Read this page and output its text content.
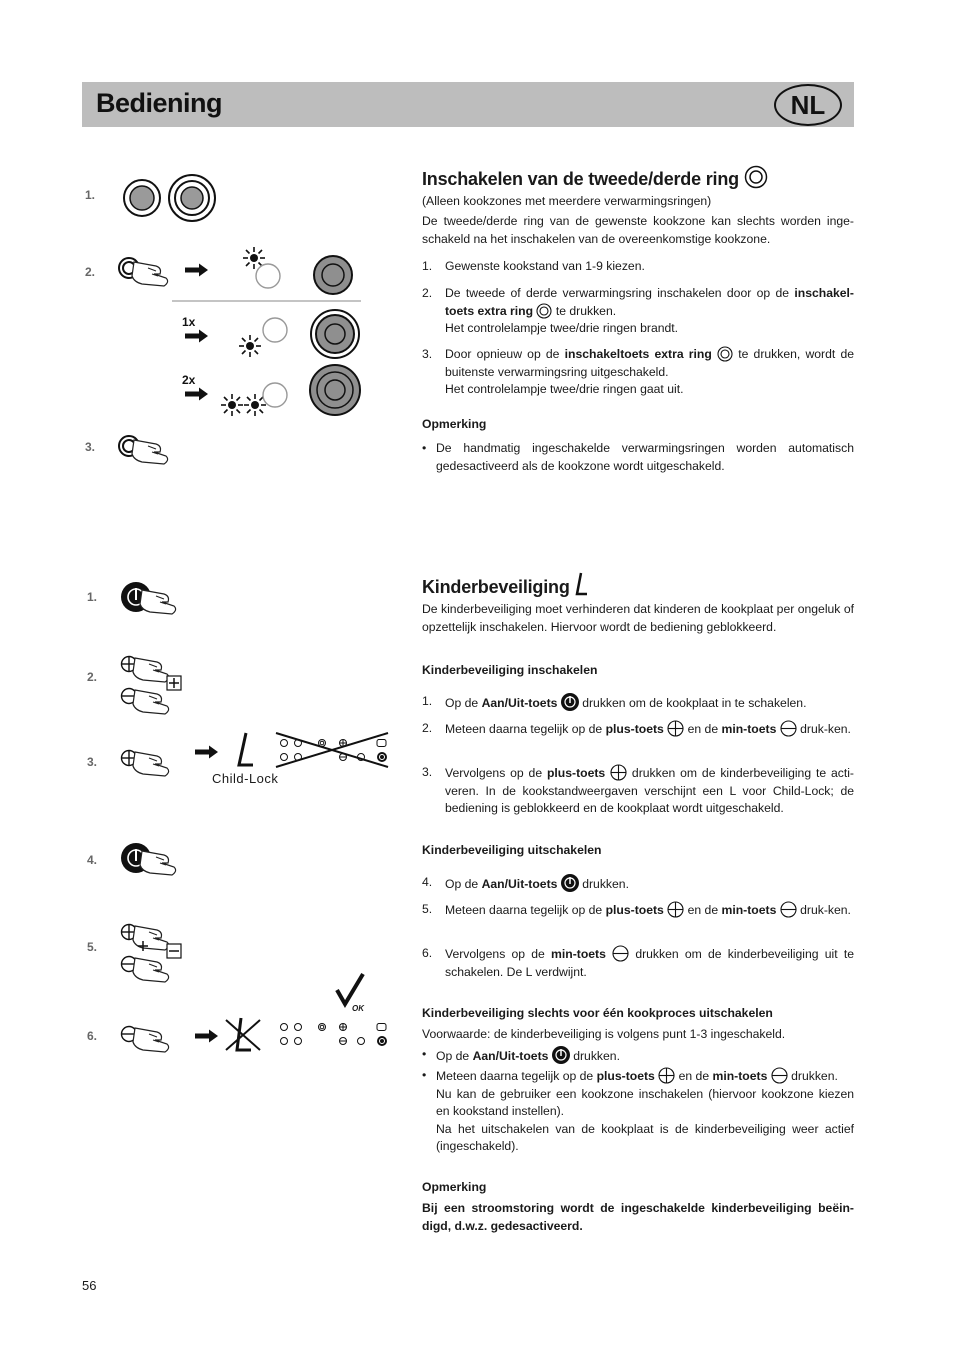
Bediening	NL
1.
2.
3.
1x
2x
1.
2.
3.
4.
5.
6.
Child-Lock
OK
Inschakelen van de tweede/derde ring
(Alleen kookzones met meerdere verwarmingsringen)
De tweede/derde ring van de gewenste kookzone kan slechts worden inge-schakeld na het inschakelen van de overeenkomstige kookzone.
1.	Gewenste kookstand van 1-9 kiezen.
2.	De tweede of derde verwarmingsring inschakelen door op de inschakel-toets extra ring  te drukken.
Het controlelampje twee/drie ringen brandt.
3.	Door opnieuw op de inschakeltoets extra ring  te drukken, wordt de buitenste verwarmingsring uitgeschakeld.
Het controlelampje twee/drie ringen gaat uit.
Opmerking
• De handmatig ingeschakelde verwarmingsringen worden automatisch gedesactiveerd als de kookzone wordt uitgeschakeld.
Kinderbeveiliging
De kinderbeveiliging moet verhinderen dat kinderen de kookplaat per ongeluk of opzettelijk inschakelen. Hiervoor wordt de bediening geblokkeerd.
Kinderbeveiliging inschakelen
1.	Op de Aan/Uit-toets  drukken om de kookplaat in te schakelen.
2.	Meteen daarna tegelijk op de plus-toets  en de min-toets  druk-ken.
3.	Vervolgens op de plus-toets  drukken om de kinderbeveiliging te acti-veren. In de kookstandweergaven verschijnt een L voor Child-Lock; de bediening is geblokkeerd en de kookplaat wordt uitgeschakeld.
Kinderbeveiliging uitschakelen
4.	Op de Aan/Uit-toets  drukken.
5.	Meteen daarna tegelijk op de plus-toets  en de min-toets  druk-ken.
6.	Vervolgens op de min-toets  drukken om de kinderbeveiliging uit te schakelen. De L verdwijnt.
Kinderbeveiliging slechts voor één kookproces uitschakelen
Voorwaarde: de kinderbeveiliging is volgens punt 1-3 ingeschakeld.
• Op de Aan/Uit-toets  drukken.
• Meteen daarna tegelijk op de plus-toets  en de min-toets  drukken.
Nu kan de gebruiker een kookzone inschakelen (hiervoor kookzone kiezen en kookstand instellen).
Na het uitschakelen van de kookplaat is de kinderbeveiliging weer actief (ingeschakeld).
Opmerking
Bij een stroomstoring wordt de ingeschakelde kinderbeveiliging beëin-digd, d.w.z. gedesactiveerd.
56
